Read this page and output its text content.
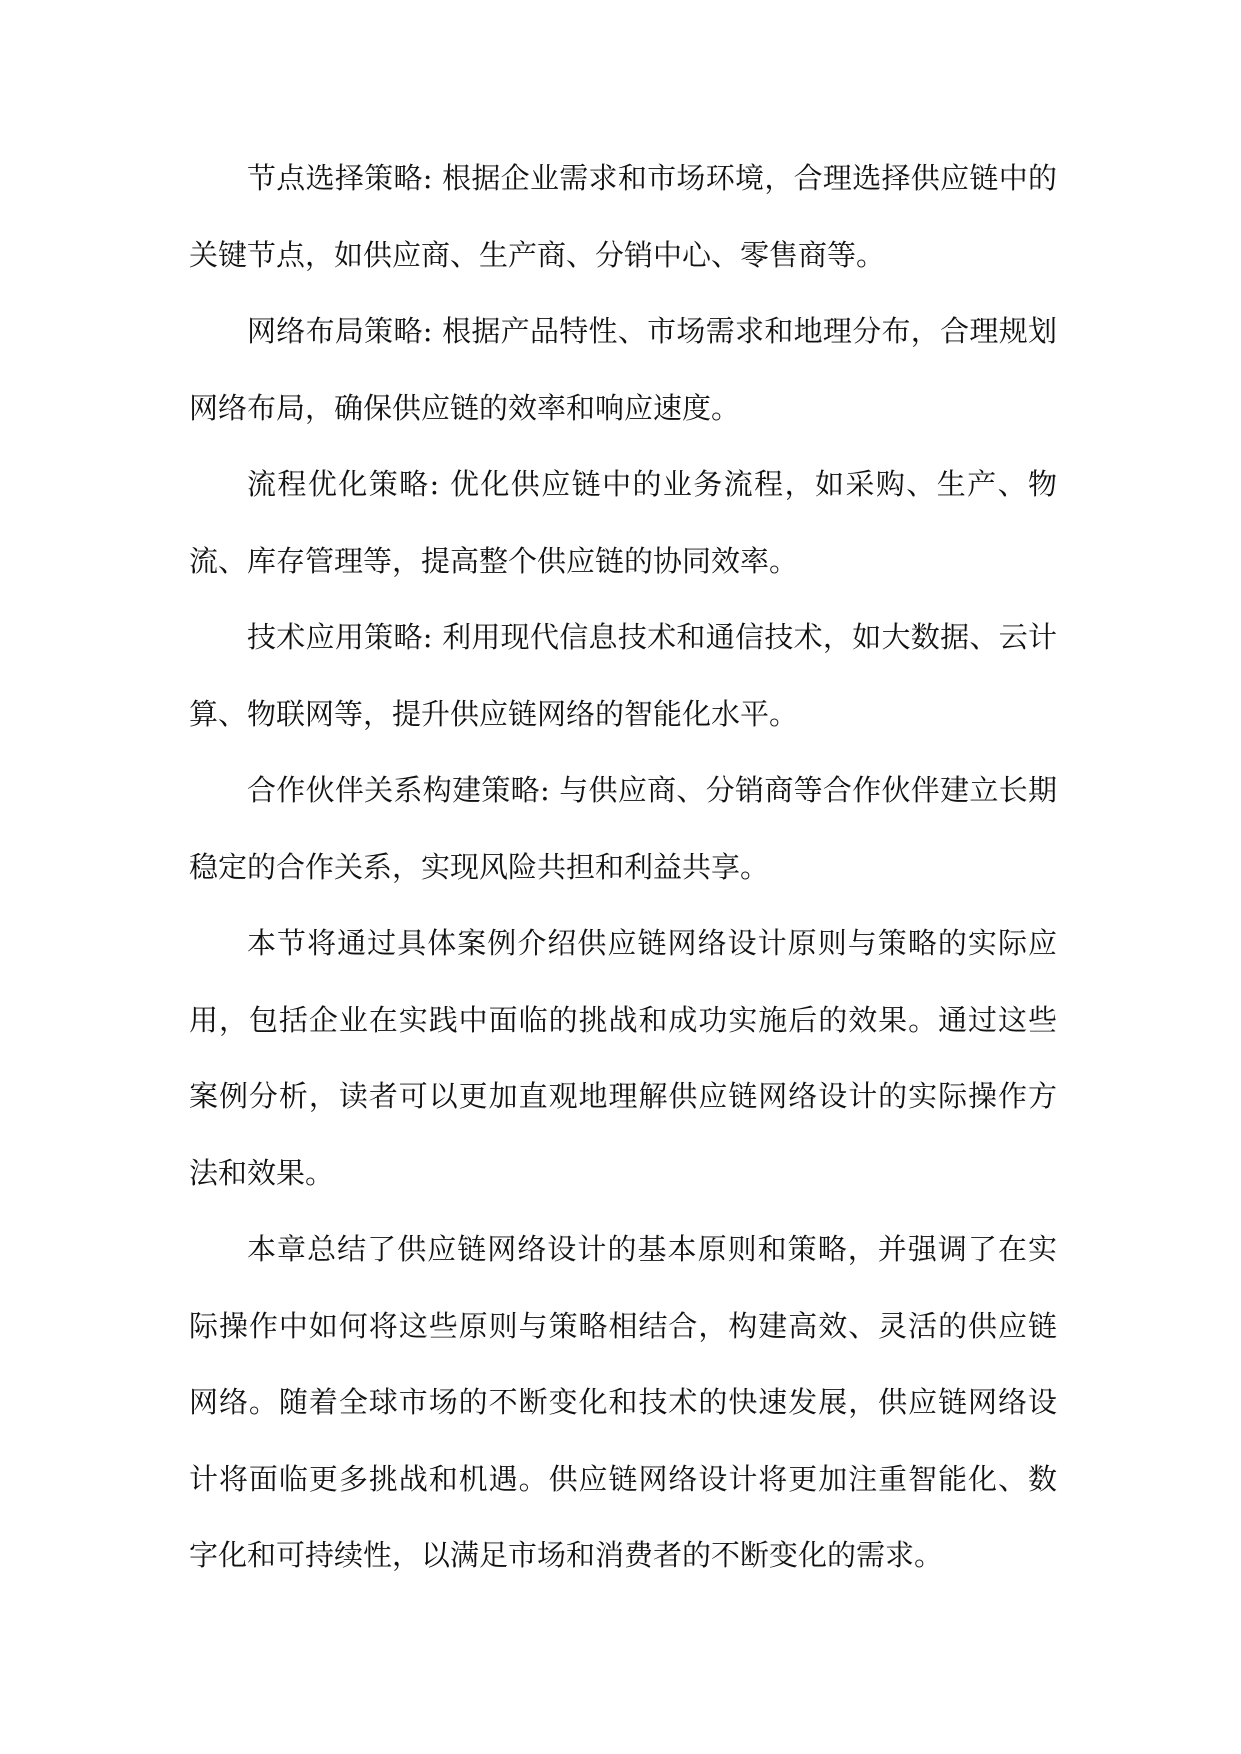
节点选择策略: 根据企业需求和市场环境，合理选择供应链中的关键节点，如供应商、生产商、分销中心、零售商等。

网络布局策略: 根据产品特性、市场需求和地理分布，合理规划网络布局，确保供应链的效率和响应速度。

流程优化策略: 优化供应链中的业务流程，如采购、生产、物流、库存管理等，提高整个供应链的协同效率。

技术应用策略: 利用现代信息技术和通信技术，如大数据、云计算、物联网等，提升供应链网络的智能化水平。

合作伙伴关系构建策略: 与供应商、分销商等合作伙伴建立长期稳定的合作关系，实现风险共担和利益共享。

本节将通过具体案例介绍供应链网络设计原则与策略的实际应用，包括企业在实践中面临的挑战和成功实施后的效果。通过这些案例分析，读者可以更加直观地理解供应链网络设计的实际操作方法和效果。

本章总结了供应链网络设计的基本原则和策略，并强调了在实际操作中如何将这些原则与策略相结合，构建高效、灵活的供应链网络。随着全球市场的不断变化和技术的快速发展，供应链网络设计将面临更多挑战和机遇。供应链网络设计将更加注重智能化、数字化和可持续性，以满足市场和消费者的不断变化的需求。
